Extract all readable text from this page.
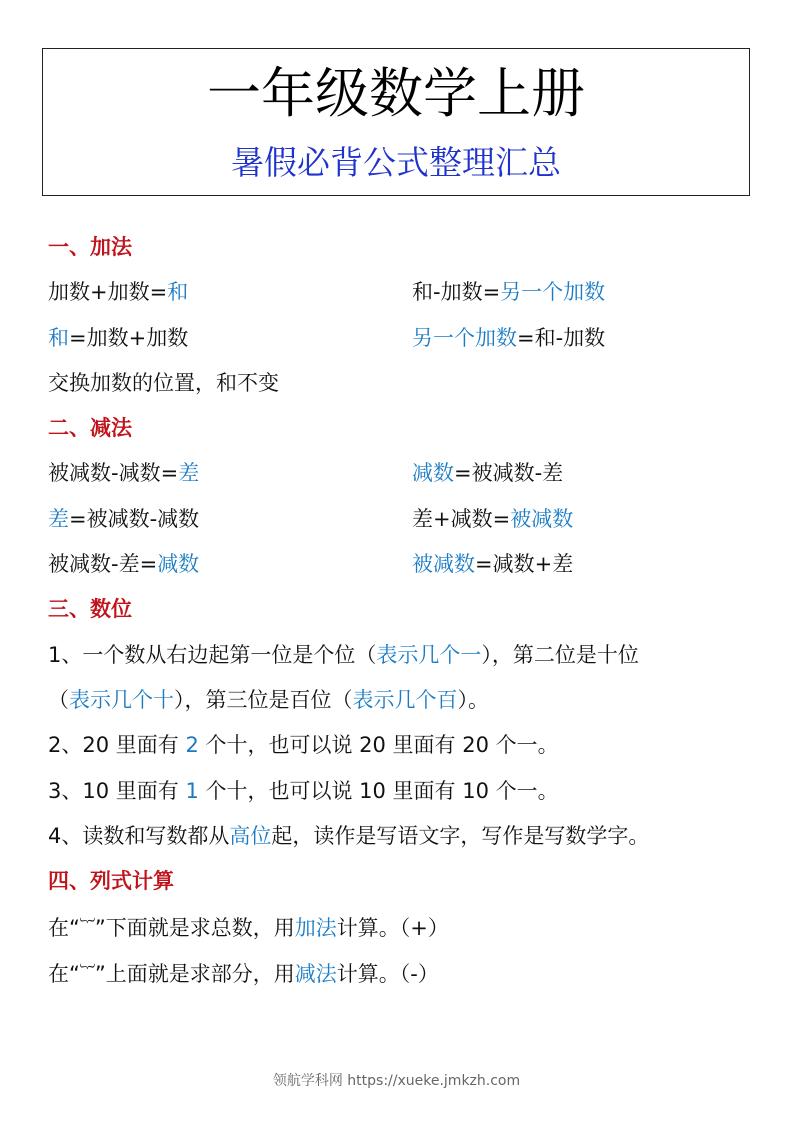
一年级数学上册
暑假必背公式整理汇总
一、加法
加数+加数=和	和-加数=另一个加数
和=加数+加数	另一个加数=和-加数
交换加数的位置，和不变
二、减法
被减数-减数=差	减数=被减数-差
差=被减数-减数	差+减数=被减数
被减数-差=减数	被减数=减数+差
三、数位
1、一个数从右边起第一位是个位（表示几个一），第二位是十位
（表示几个十），第三位是百位（表示几个百）。
2、20 里面有 2 个十，也可以说 20 里面有 20 个一。
3、10 里面有 1 个十，也可以说 10 里面有 10 个一。
4、读数和写数都从高位起，读作是写语文字，写作是写数学字。
四、列式计算
在“︸”下面就是求总数，用加法计算。（+）
在“︸”上面就是求部分，用减法计算。（-）
领航学科网 https://xueke.jmkzh.com
